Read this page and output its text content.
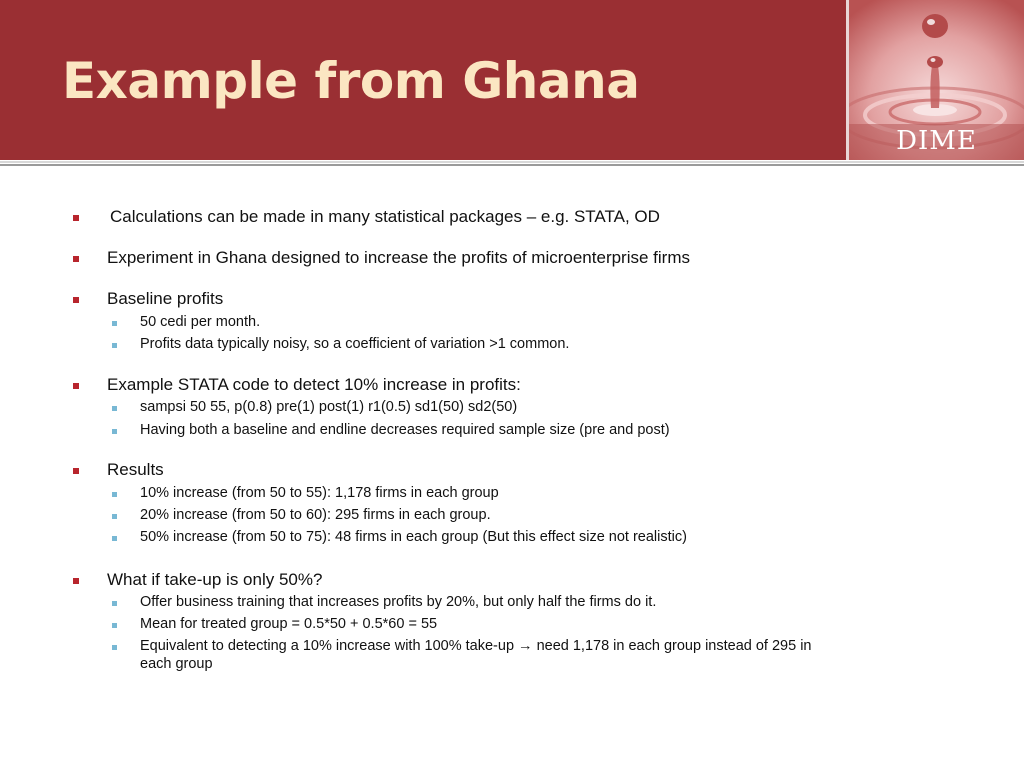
Example from Ghana
DIME
Calculations can be made in many statistical packages – e.g. STATA, OD
Experiment in Ghana designed to increase the profits of microenterprise firms
Baseline profits
50 cedi per month.
Profits data typically noisy, so a coefficient of variation >1 common.
Example STATA code to detect 10% increase in profits:
sampsi 50 55, p(0.8) pre(1) post(1) r1(0.5) sd1(50) sd2(50)
Having both a baseline and endline decreases required sample size (pre and post)
Results
10% increase (from 50 to 55): 1,178 firms in each group
20% increase (from 50 to 60): 295 firms in each group.
50% increase (from 50 to 75): 48 firms in each group (But this effect size not realistic)
What if take-up is only 50%?
Offer business training that increases profits by 20%, but only half the firms do it.
Mean for treated group = 0.5*50 + 0.5*60 = 55
Equivalent to detecting a 10% increase with 100% take-up → need 1,178 in each group instead of 295 in
each group
